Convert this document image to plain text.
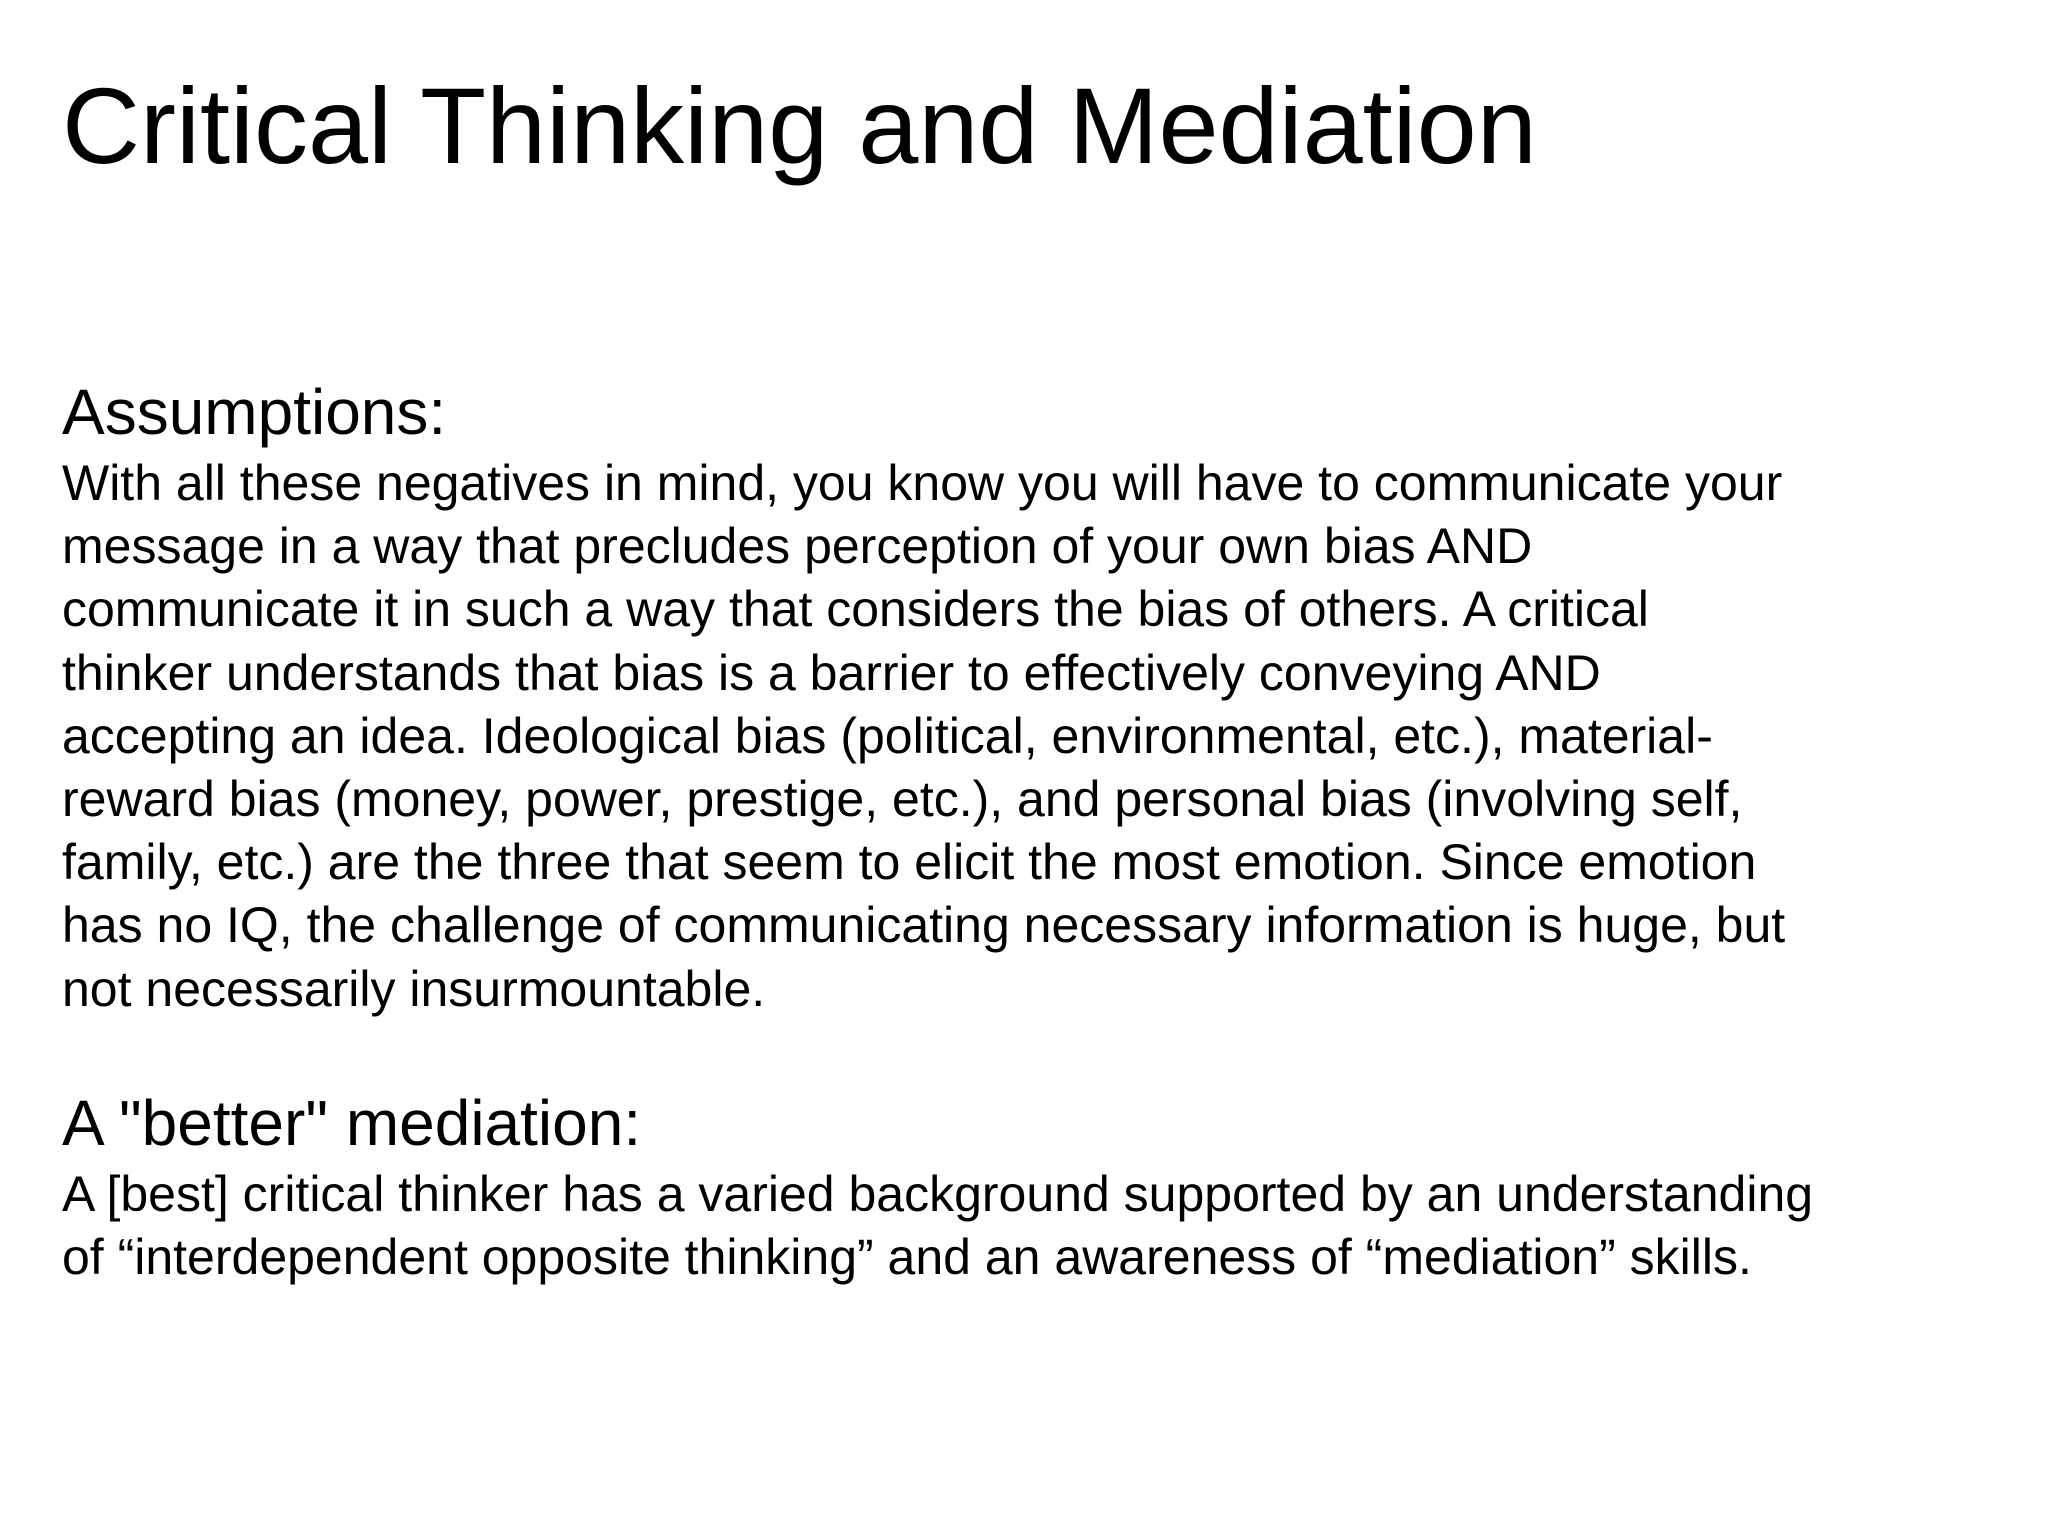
Critical Thinking and Mediation
Assumptions:

With all these negatives in mind, you know you will have to communicate your

message in a way that precludes perception of your own bias AND

communicate it in such a way that considers the bias of others. A critical

thinker understands that bias is a barrier to effectively conveying AND

accepting an idea. Ideological bias (political, environmental, etc.), material-

reward bias (money, power, prestige, etc.), and personal bias (involving self,

family, etc.) are the three that seem to elicit the most emotion. Since emotion

has no IQ, the challenge of communicating necessary information is huge, but

not necessarily insurmountable.

A "better" mediation:

A [best] critical thinker has a varied background supported by an understanding

of “interdependent opposite thinking” and an awareness of “mediation” skills.
